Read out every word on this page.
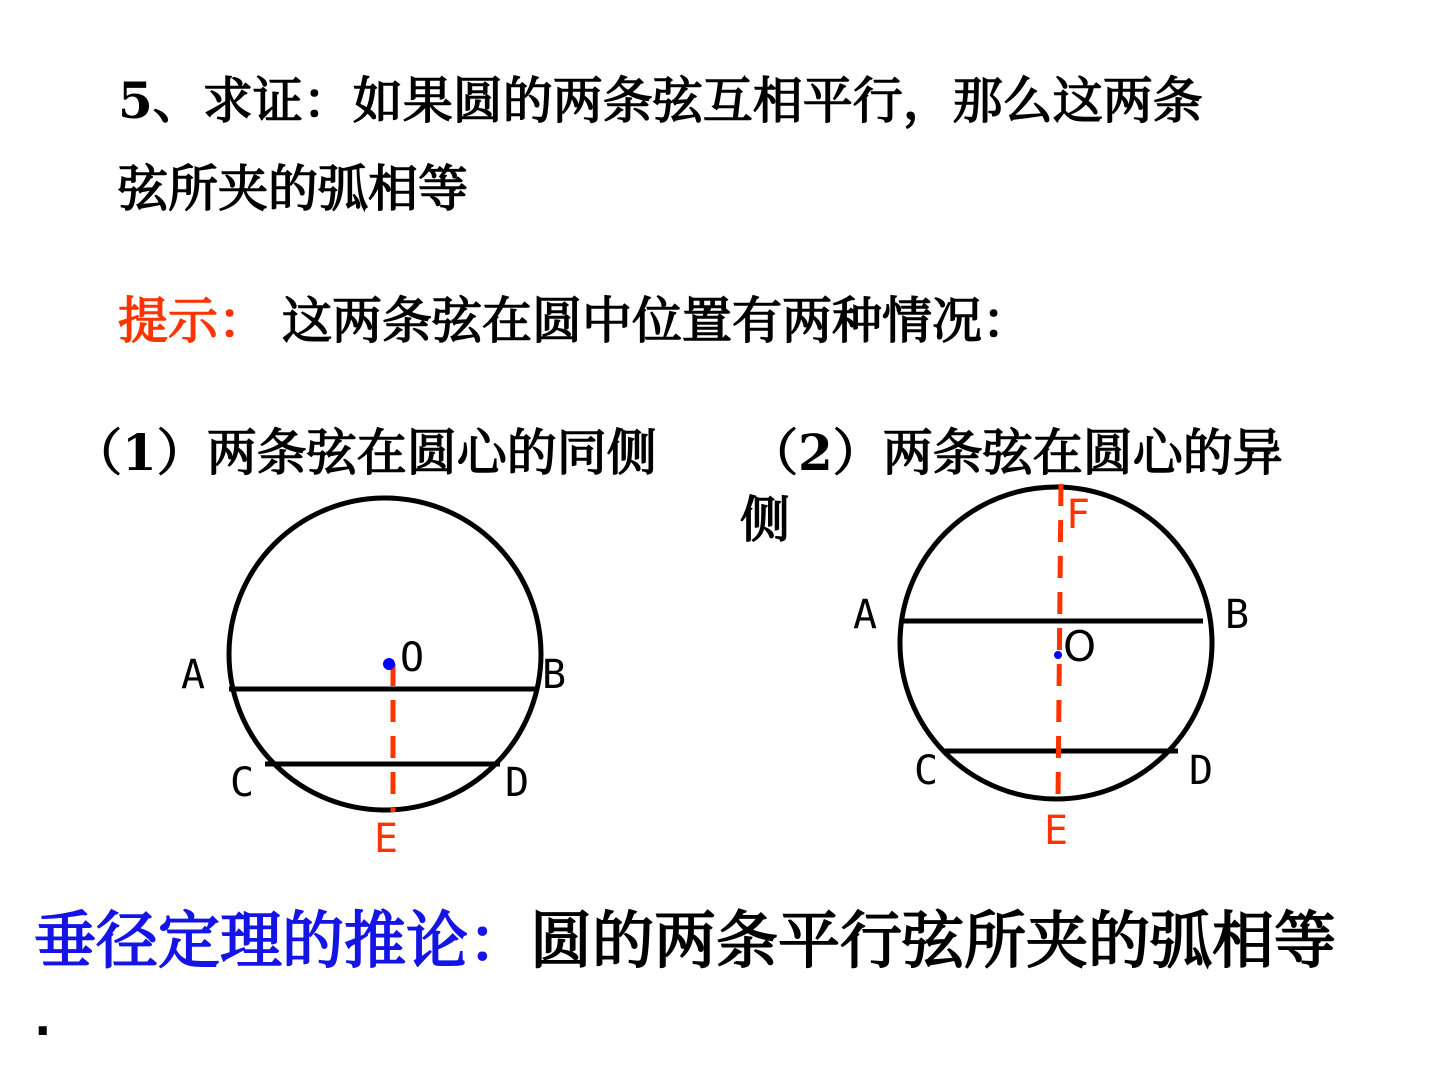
5、求证：如果圆的两条弦互相平行，那么这两条
弦所夹的弧相等
提示： 这两条弦在圆中位置有两种情况：
（1）两条弦在圆心的同侧 （2）两条弦在圆心的异
侧
A	B
C	D
O
E
A	B
C	D
O
E
F
垂径定理的推论：圆的两条平行弦所夹的弧相等
.
